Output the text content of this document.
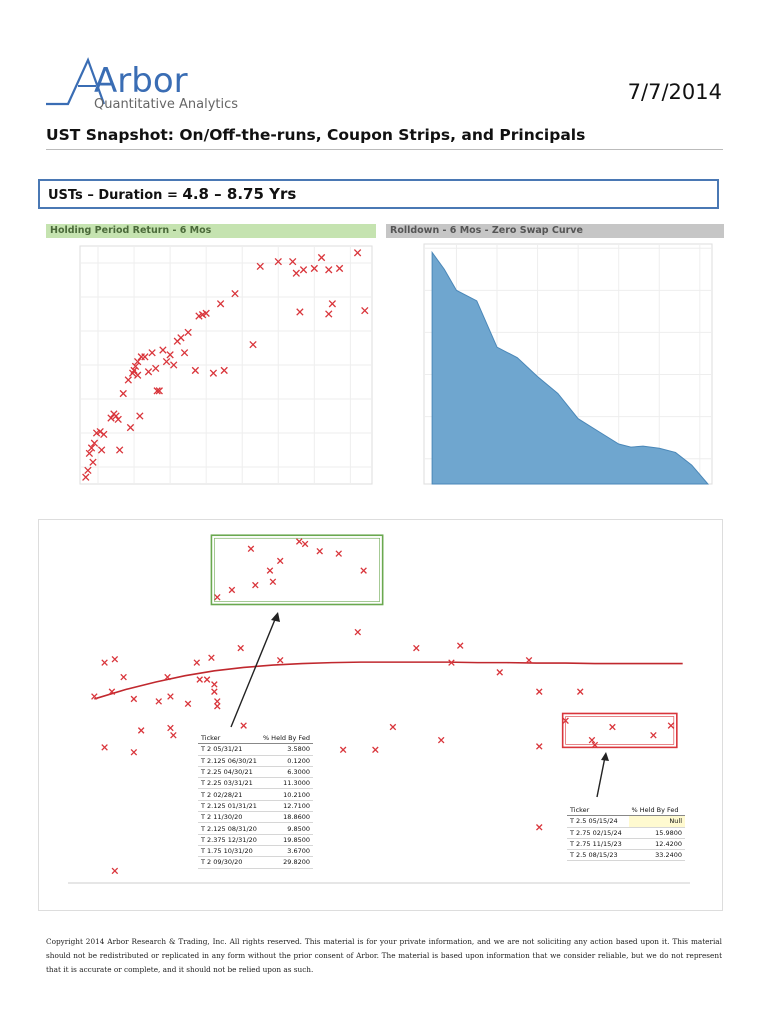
Arbor
Quantitative Analytics
7/7/2014
UST Snapshot: On/Off-the-runs, Coupon Strips, and Principals
USTs – Duration = 4.8 – 8.75 Yrs
Holding Period Return - 6 Mos	Rolldown - 6 Mos - Zero Swap Curve
Ticker	% Held By Fed
T 2 05/31/21	3.5800
T 2.125 06/30/21	0.1200
T 2.25 04/30/21	6.3000
T 2.25 03/31/21	11.3000
T 2 02/28/21	10.2100
T 2.125 01/31/21	12.7100
T 2 11/30/20	18.8600
T 2.125 08/31/20	9.8500
T 2.375 12/31/20	19.8500
T 1.75 10/31/20	3.6700
T 2 09/30/20	29.8200
Ticker	% Held By Fed
T 2.5 05/15/24	Null
T 2.75 02/15/24	15.9800
T 2.75 11/15/23	12.4200
T 2.5 08/15/23	33.2400
Copyright 2014 Arbor Research & Trading, Inc. All rights reserved. This material is for your private information, and we are not soliciting any action based upon it. This material should not be redistributed or replicated in any form without the prior consent of Arbor. The material is based upon information that we consider reliable, but we do not represent that it is accurate or complete, and it should not be relied upon as such.
